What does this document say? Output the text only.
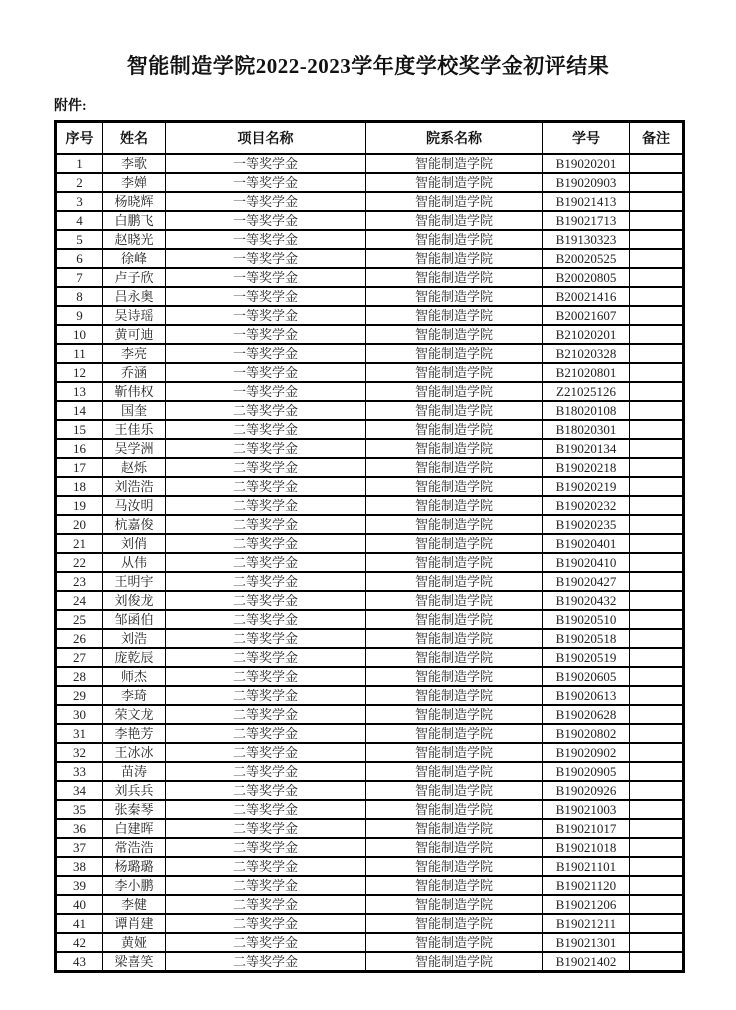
智能制造学院2022-2023学年度学校奖学金初评结果
附件:
序号	姓名	项目名称	院系名称	学号	备注
1	李歌	一等奖学金	智能制造学院	B19020201	
2	李婵	一等奖学金	智能制造学院	B19020903	
3	杨晓辉	一等奖学金	智能制造学院	B19021413	
4	白鹏飞	一等奖学金	智能制造学院	B19021713	
5	赵晓光	一等奖学金	智能制造学院	B19130323	
6	徐峰	一等奖学金	智能制造学院	B20020525	
7	卢子欣	一等奖学金	智能制造学院	B20020805	
8	吕永奥	一等奖学金	智能制造学院	B20021416	
9	吴诗瑶	一等奖学金	智能制造学院	B20021607	
10	黄可迪	一等奖学金	智能制造学院	B21020201	
11	李亮	一等奖学金	智能制造学院	B21020328	
12	乔涵	一等奖学金	智能制造学院	B21020801	
13	靳伟权	一等奖学金	智能制造学院	Z21025126	
14	国奎	二等奖学金	智能制造学院	B18020108	
15	王佳乐	二等奖学金	智能制造学院	B18020301	
16	吴学洲	二等奖学金	智能制造学院	B19020134	
17	赵烁	二等奖学金	智能制造学院	B19020218	
18	刘浩浩	二等奖学金	智能制造学院	B19020219	
19	马汝明	二等奖学金	智能制造学院	B19020232	
20	杭嘉俊	二等奖学金	智能制造学院	B19020235	
21	刘俏	二等奖学金	智能制造学院	B19020401	
22	从伟	二等奖学金	智能制造学院	B19020410	
23	王明宇	二等奖学金	智能制造学院	B19020427	
24	刘俊龙	二等奖学金	智能制造学院	B19020432	
25	邹函伯	二等奖学金	智能制造学院	B19020510	
26	刘浩	二等奖学金	智能制造学院	B19020518	
27	庞乾辰	二等奖学金	智能制造学院	B19020519	
28	师杰	二等奖学金	智能制造学院	B19020605	
29	李琦	二等奖学金	智能制造学院	B19020613	
30	荣文龙	二等奖学金	智能制造学院	B19020628	
31	李艳芳	二等奖学金	智能制造学院	B19020802	
32	王冰冰	二等奖学金	智能制造学院	B19020902	
33	苗涛	二等奖学金	智能制造学院	B19020905	
34	刘兵兵	二等奖学金	智能制造学院	B19020926	
35	张秦琴	二等奖学金	智能制造学院	B19021003	
36	白建晖	二等奖学金	智能制造学院	B19021017	
37	常浩浩	二等奖学金	智能制造学院	B19021018	
38	杨璐璐	二等奖学金	智能制造学院	B19021101	
39	李小鹏	二等奖学金	智能制造学院	B19021120	
40	李健	二等奖学金	智能制造学院	B19021206	
41	谭肖建	二等奖学金	智能制造学院	B19021211	
42	黄娅	二等奖学金	智能制造学院	B19021301	
43	梁喜笑	二等奖学金	智能制造学院	B19021402	
